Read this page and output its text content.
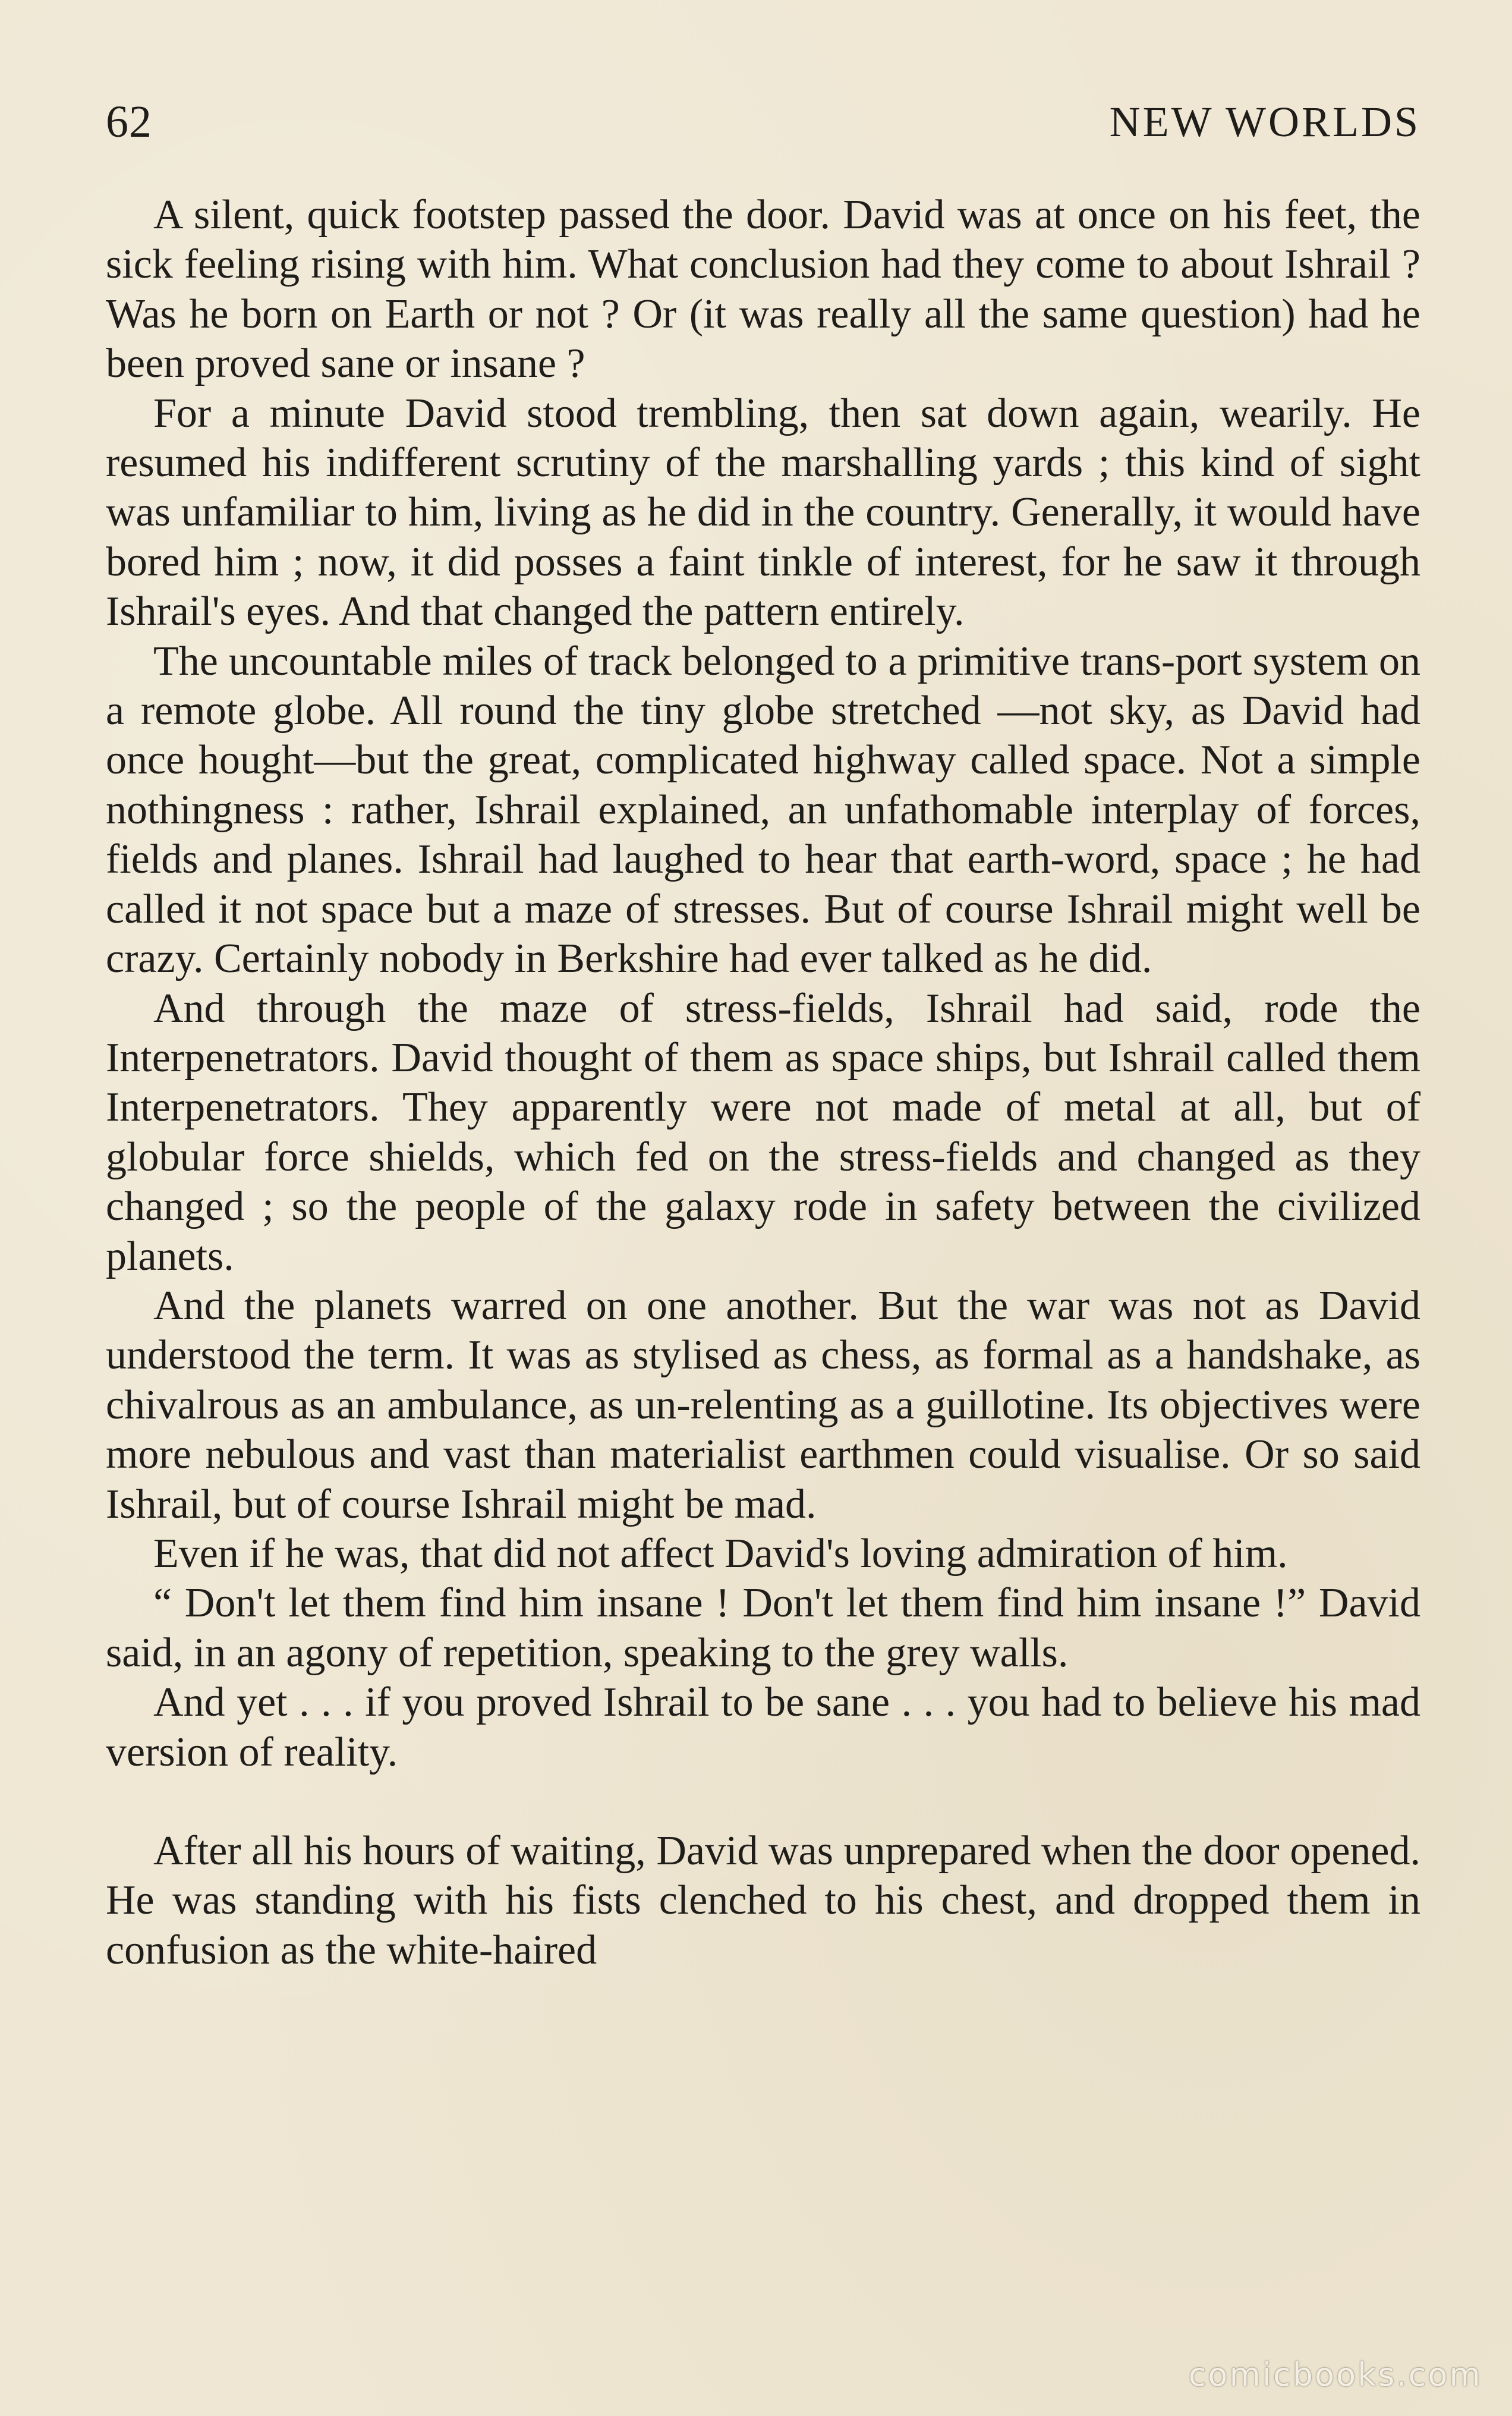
62	NEW WORLDS

A silent, quick footstep passed the door. David was at once on his feet, the sick feeling rising with him. What conclusion had they come to about Ishrail ? Was he born on Earth or not ? Or (it was really all the same question) had he been proved sane or insane ?

For a minute David stood trembling, then sat down again, wearily. He resumed his indifferent scrutiny of the marshalling yards ; this kind of sight was unfamiliar to him, living as he did in the country. Generally, it would have bored him ; now, it did posses a faint tinkle of interest, for he saw it through Ishrail's eyes. And that changed the pattern entirely.

The uncountable miles of track belonged to a primitive trans-port system on a remote globe. All round the tiny globe stretched —not sky, as David had once hought—but the great, complicated highway called space. Not a simple nothingness : rather, Ishrail explained, an unfathomable interplay of forces, fields and planes. Ishrail had laughed to hear that earth-word, space ; he had called it not space but a maze of stresses. But of course Ishrail might well be crazy. Certainly nobody in Berkshire had ever talked as he did.

And through the maze of stress-fields, Ishrail had said, rode the Interpenetrators. David thought of them as space ships, but Ishrail called them Interpenetrators. They apparently were not made of metal at all, but of globular force shields, which fed on the stress-fields and changed as they changed ; so the people of the galaxy rode in safety between the civilized planets.

And the planets warred on one another. But the war was not as David understood the term. It was as stylised as chess, as formal as a handshake, as chivalrous as an ambulance, as un-relenting as a guillotine. Its objectives were more nebulous and vast than materialist earthmen could visualise. Or so said Ishrail, but of course Ishrail might be mad.

Even if he was, that did not affect David's loving admiration of him.

“ Don't let them find him insane ! Don't let them find him insane !” David said, in an agony of repetition, speaking to the grey walls.

And yet . . . if you proved Ishrail to be sane . . . you had to believe his mad version of reality.

After all his hours of waiting, David was unprepared when the door opened. He was standing with his fists clenched to his chest, and dropped them in confusion as the white-haired

comicbooks.com
